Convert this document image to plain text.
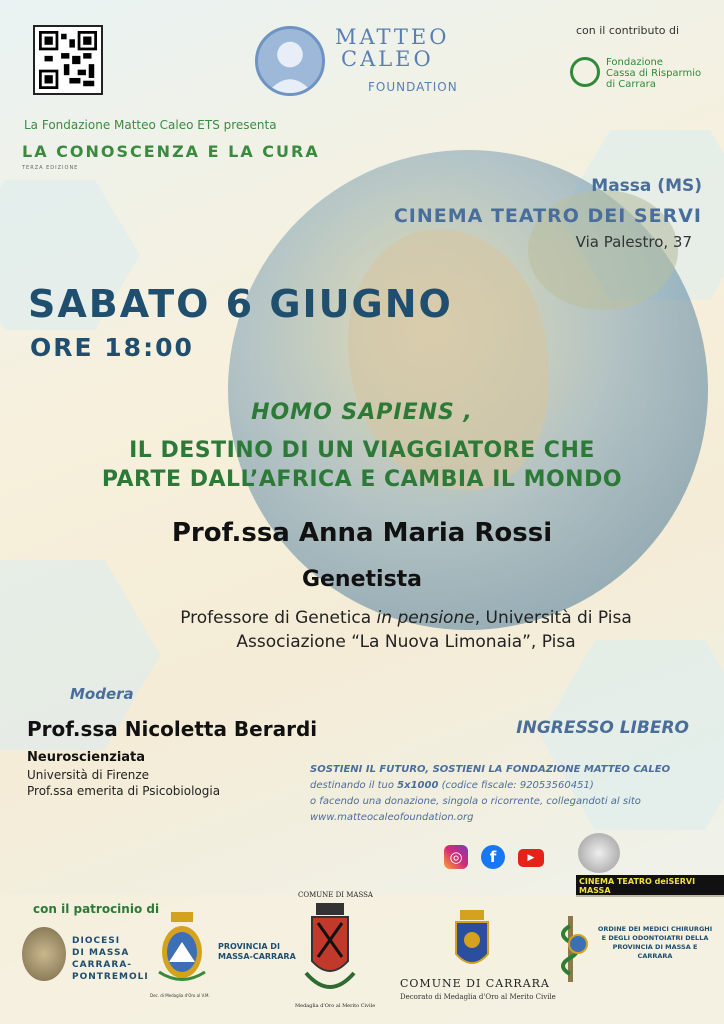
MATTEO
CALEO
FOUNDATION
con il contributo di
Fondazione
Cassa di Risparmio
di Carrara
La Fondazione Matteo Caleo ETS presenta
LA CONOSCENZA E LA CURA
TERZA EDIZIONE
Massa (MS)
CINEMA TEATRO DEI SERVI
Via Palestro, 37
SABATO 6 GIUGNO
ORE 18:00
HOMO SAPIENS ,
IL DESTINO DI UN VIAGGIATORE CHE
PARTE DALL’AFRICA E CAMBIA IL MONDO
Prof.ssa Anna Maria Rossi
Genetista
Professore di Genetica in pensione, Università di Pisa
Associazione “La Nuova Limonaia”, Pisa
Modera
Prof.ssa Nicoletta Berardi
Neuroscienziata
Università di Firenze
Prof.ssa emerita di Psicobiologia
INGRESSO LIBERO
SOSTIENI IL FUTURO, SOSTIENI LA FONDAZIONE MATTEO CALEO
destinando il tuo 5x1000 (codice fiscale: 92053560451)
o facendo una donazione, singola o ricorrente, collegandoti al sito
www.matteocaleofoundation.org
◎	f	▶
CINEMA TEATRO deiSERVI MASSA
con il patrocinio di
DIOCESI
DI MASSA
CARRARA-
PONTREMOLI
PROVINCIA DI
MASSA-CARRARA
Dec. di Medaglia d'Oro al V.M.
COMUNE DI MASSA
Medaglia d'Oro al Merito Civile
COMUNE DI CARRARA
Decorato di Medaglia d'Oro al Merito Civile
ORDINE DEI MEDICI CHIRURGHI E DEGLI ODONTOIATRI DELLA PROVINCIA DI MASSA E CARRARA
